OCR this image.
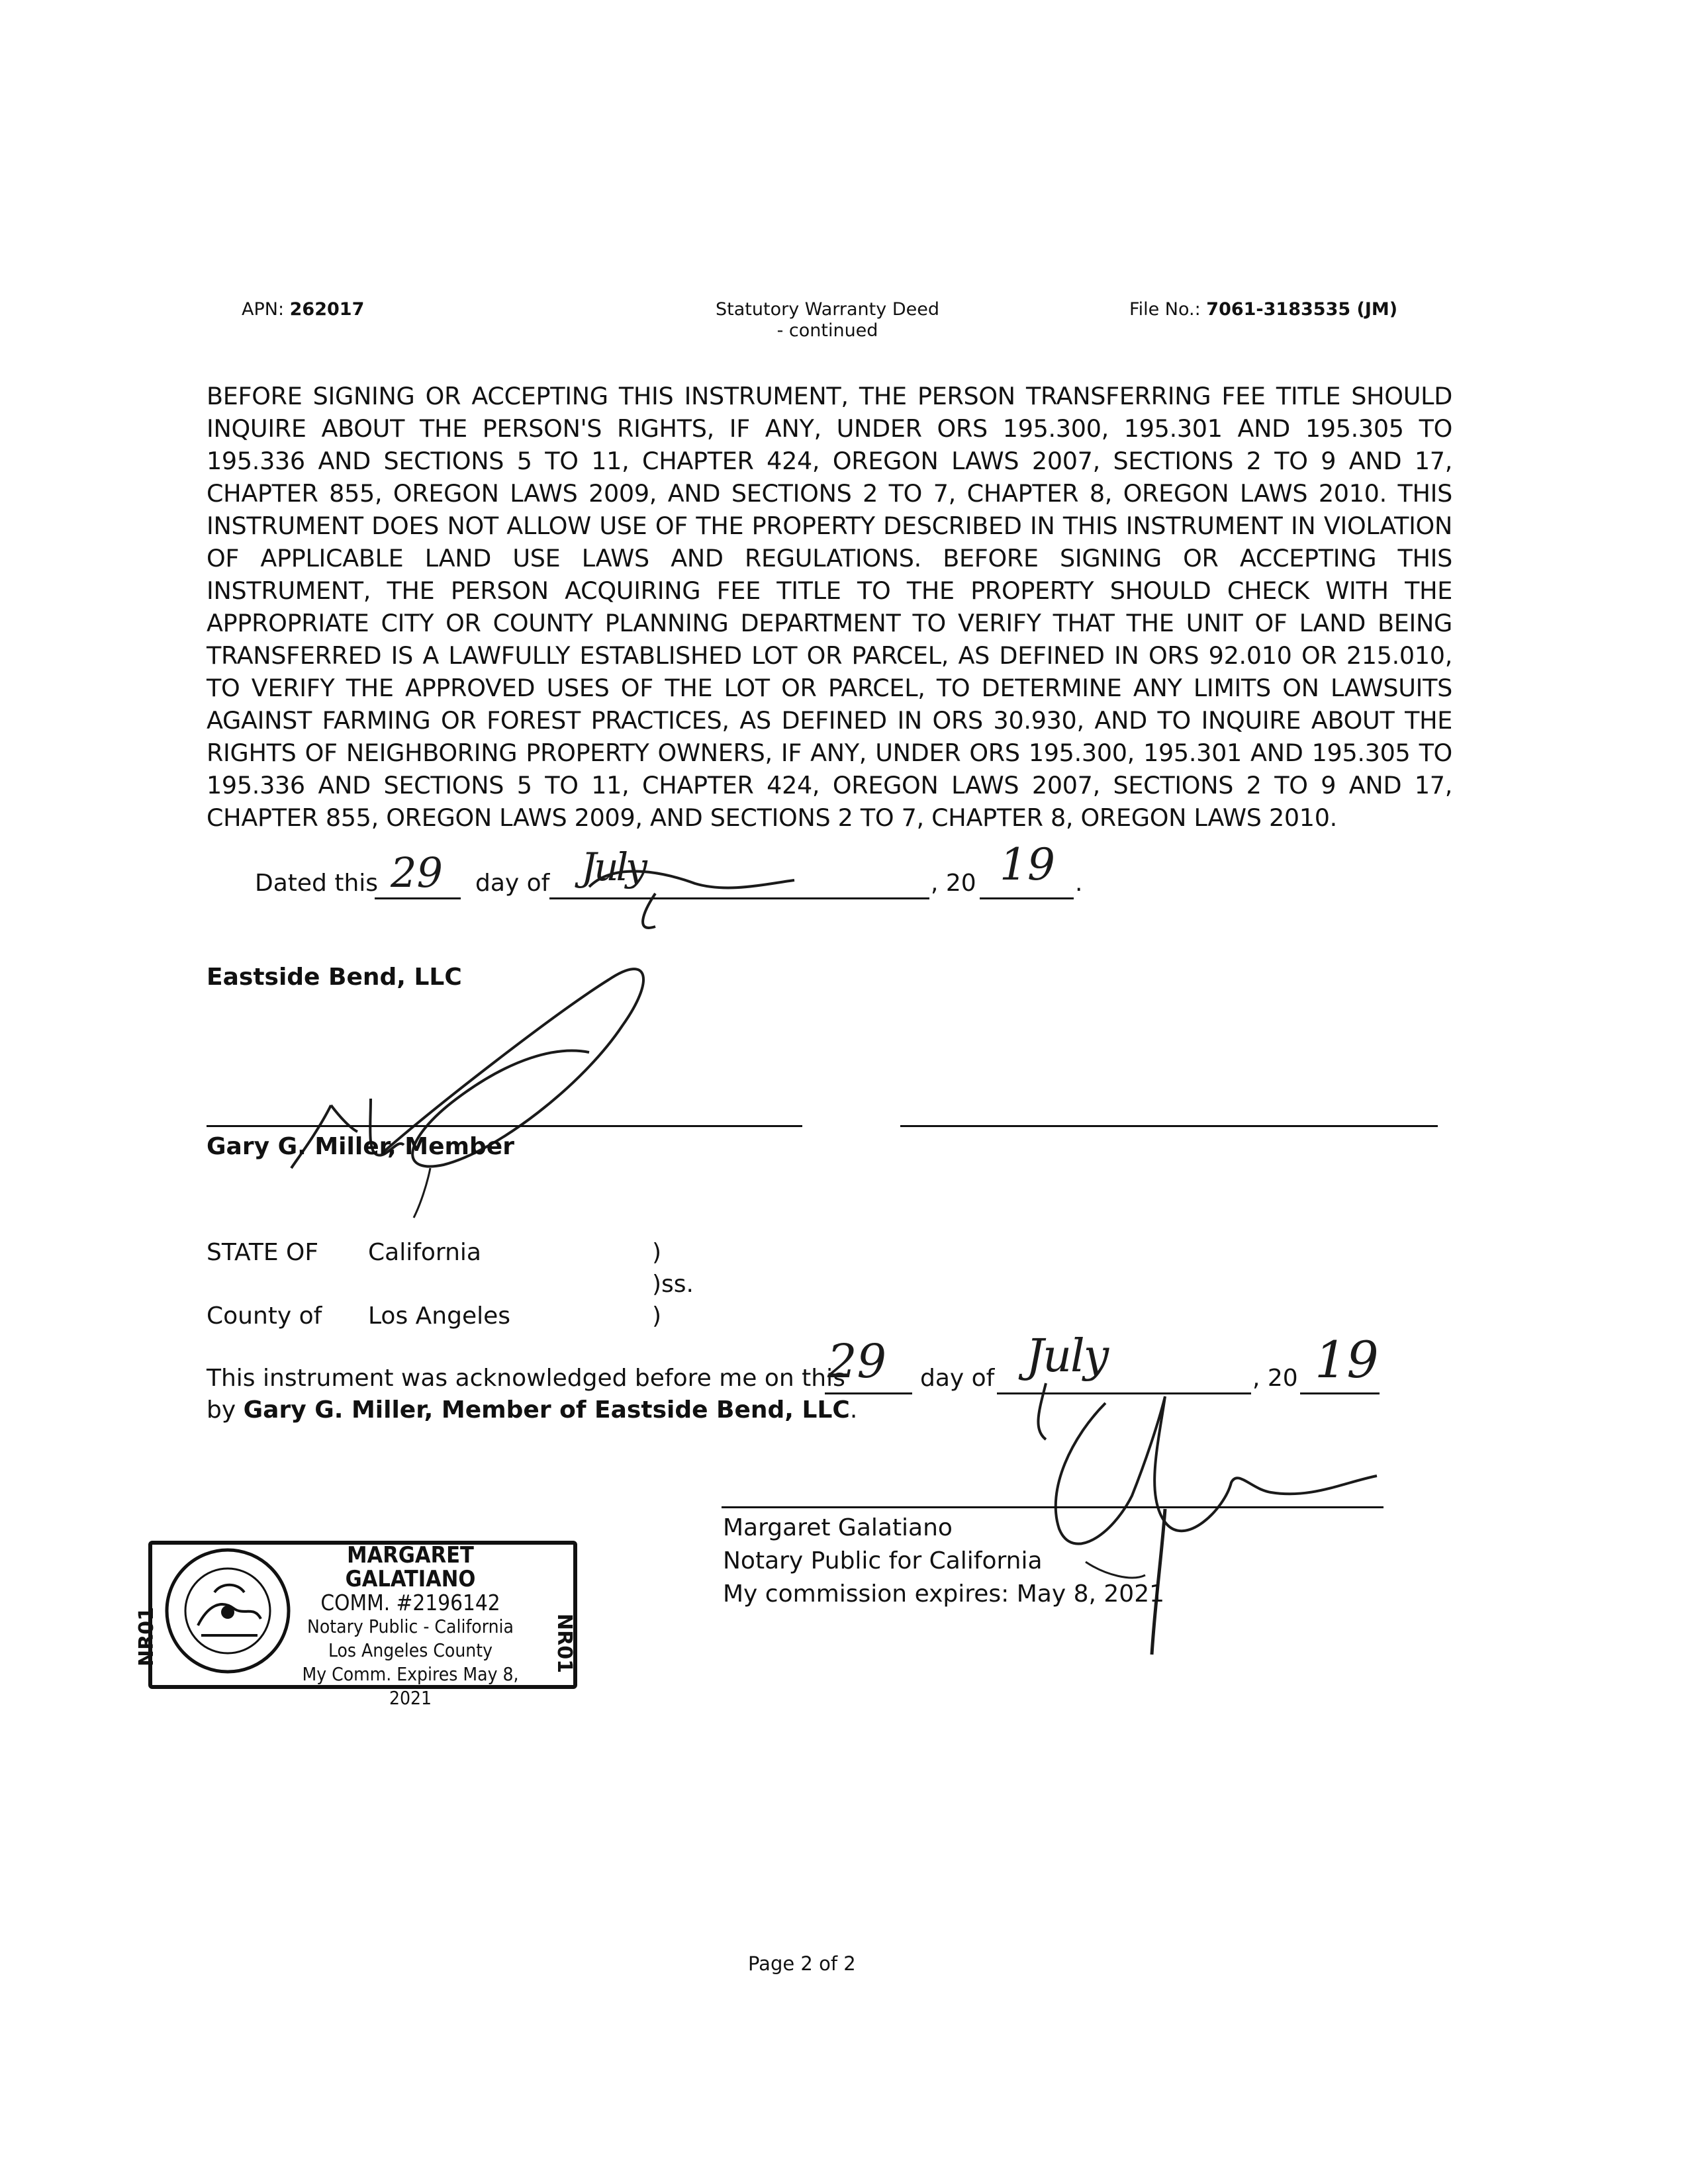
APN: 262017	Statutory Warranty Deed
- continued
File No.: 7061-3183535 (JM)
BEFORE SIGNING OR ACCEPTING THIS INSTRUMENT, THE PERSON TRANSFERRING FEE TITLE SHOULD INQUIRE ABOUT THE PERSON'S RIGHTS, IF ANY, UNDER ORS 195.300, 195.301 AND 195.305 TO 195.336 AND SECTIONS 5 TO 11, CHAPTER 424, OREGON LAWS 2007, SECTIONS 2 TO 9 AND 17, CHAPTER 855, OREGON LAWS 2009, AND SECTIONS 2 TO 7, CHAPTER 8, OREGON LAWS 2010. THIS INSTRUMENT DOES NOT ALLOW USE OF THE PROPERTY DESCRIBED IN THIS INSTRUMENT IN VIOLATION OF APPLICABLE LAND USE LAWS AND REGULATIONS. BEFORE SIGNING OR ACCEPTING THIS INSTRUMENT, THE PERSON ACQUIRING FEE TITLE TO THE PROPERTY SHOULD CHECK WITH THE APPROPRIATE CITY OR COUNTY PLANNING DEPARTMENT TO VERIFY THAT THE UNIT OF LAND BEING TRANSFERRED IS A LAWFULLY ESTABLISHED LOT OR PARCEL, AS DEFINED IN ORS 92.010 OR 215.010, TO VERIFY THE APPROVED USES OF THE LOT OR PARCEL, TO DETERMINE ANY LIMITS ON LAWSUITS AGAINST FARMING OR FOREST PRACTICES, AS DEFINED IN ORS 30.930, AND TO INQUIRE ABOUT THE RIGHTS OF NEIGHBORING PROPERTY OWNERS, IF ANY, UNDER ORS 195.300, 195.301 AND 195.305 TO 195.336 AND SECTIONS 5 TO 11, CHAPTER 424, OREGON LAWS 2007, SECTIONS 2 TO 9 AND 17, CHAPTER 855, OREGON LAWS 2009, AND SECTIONS 2 TO 7, CHAPTER 8, OREGON LAWS 2010.
Dated this 29 day of July	, 20 19 .
Eastside Bend, LLC
Gary G. Miller, Member
STATE OF California	)
)ss.
County of Los Angeles	)
This instrument was acknowledged before me on this
29 day of July	, 20 19
by Gary G. Miller, Member of Eastside Bend, LLC.
Margaret Galatiano
Notary Public for California
My commission expires: May 8, 2021
NR01	NR01
MARGARET GALATIANO
COMM. #2196142
Notary Public - California
Los Angeles County
My Comm. Expires May 8, 2021
Page 2 of 2
